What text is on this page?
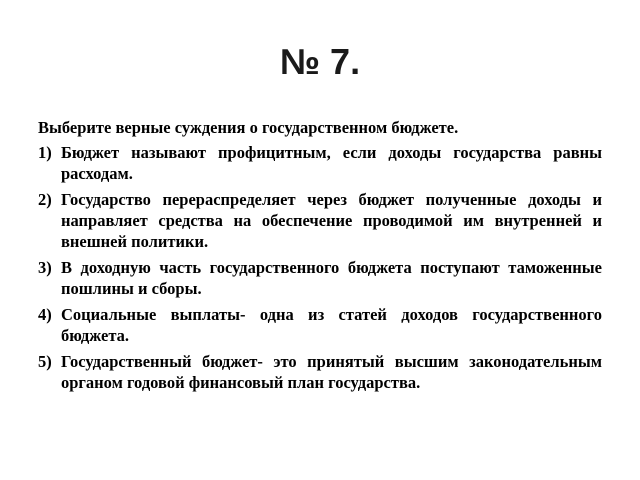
№ 7.

Выберите верные суждения о государственном бюджете.

1) Бюджет называют профицитным, если доходы государства равны расходам.
2) Государство перераспределяет через бюджет полученные доходы и направляет средства на обеспечение проводимой им внутренней и внешней политики.
3) В доходную часть государственного бюджета поступают таможенные пошлины и сборы.
4) Социальные выплаты- одна из статей доходов государственного бюджета.
5) Государственный бюджет- это принятый высшим законодательным органом годовой финансовый план государства.
